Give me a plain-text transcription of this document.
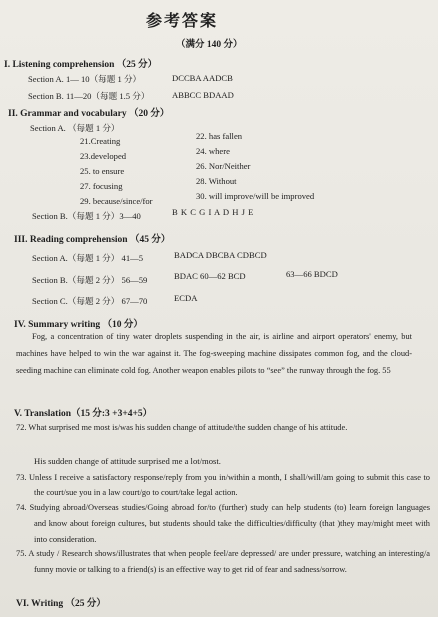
参考答案
（满分 140 分）
I. Listening comprehension （25 分）
Section A. 1— 10（每题 1 分）	DCCBA AADCB
Section B. 11—20（每题 1.5 分）	ABBCC BDAAD
II. Grammar and vocabulary （20 分）
Section A. （每题 1 分）
21.Creating
23.developed
25. to ensure
27. focusing
29. because/since/for
22. has fallen
24. where
26. Nor/Neither
28. Without
30. will improve/will be improved
Section B.（每题 1 分）3—40	B K C G I A D H J E
III. Reading comprehension （45 分）
Section A.（每题 1 分） 41—5	BADCA DBCBA CDBCD
Section B.（每题 2 分） 56—59	BDAC 60—62 BCD	63—66 BDCD
Section C.（每题 2 分） 67—70	ECDA
IV. Summary writing （10 分）
Fog, a concentration of tiny water droplets suspending in the air, is airline and airport operators' enemy, but machines have helped to win the war against it. The fog-sweeping machine dissipates common fog, and the cloud-seeding machine can eliminate cold fog. Another weapon enables pilots to “see” the runway through the fog. 55
V. Translation（15 分:3 +3+4+5）
72. What surprised me most is/was his sudden change of attitude/the sudden change of his attitude.
His sudden change of attitude surprised me a lot/most.
73. Unless I receive a satisfactory response/reply from you in/within a month, I shall/will/am going to submit this case to the court/sue you in a law court/go to court/take legal action.
74. Studying abroad/Overseas studies/Going abroad for/to (further) study can help students (to) learn foreign languages and know about foreign cultures, but students should take the difficulties/difficulty (that )they may/might meet with into consideration.
75. A study / Research shows/illustrates that when people feel/are depressed/ are under pressure, watching an interesting/a funny movie or talking to a friend(s) is an effective way to get rid of fear and sadness/sorrow.
VI. Writing （25 分）
